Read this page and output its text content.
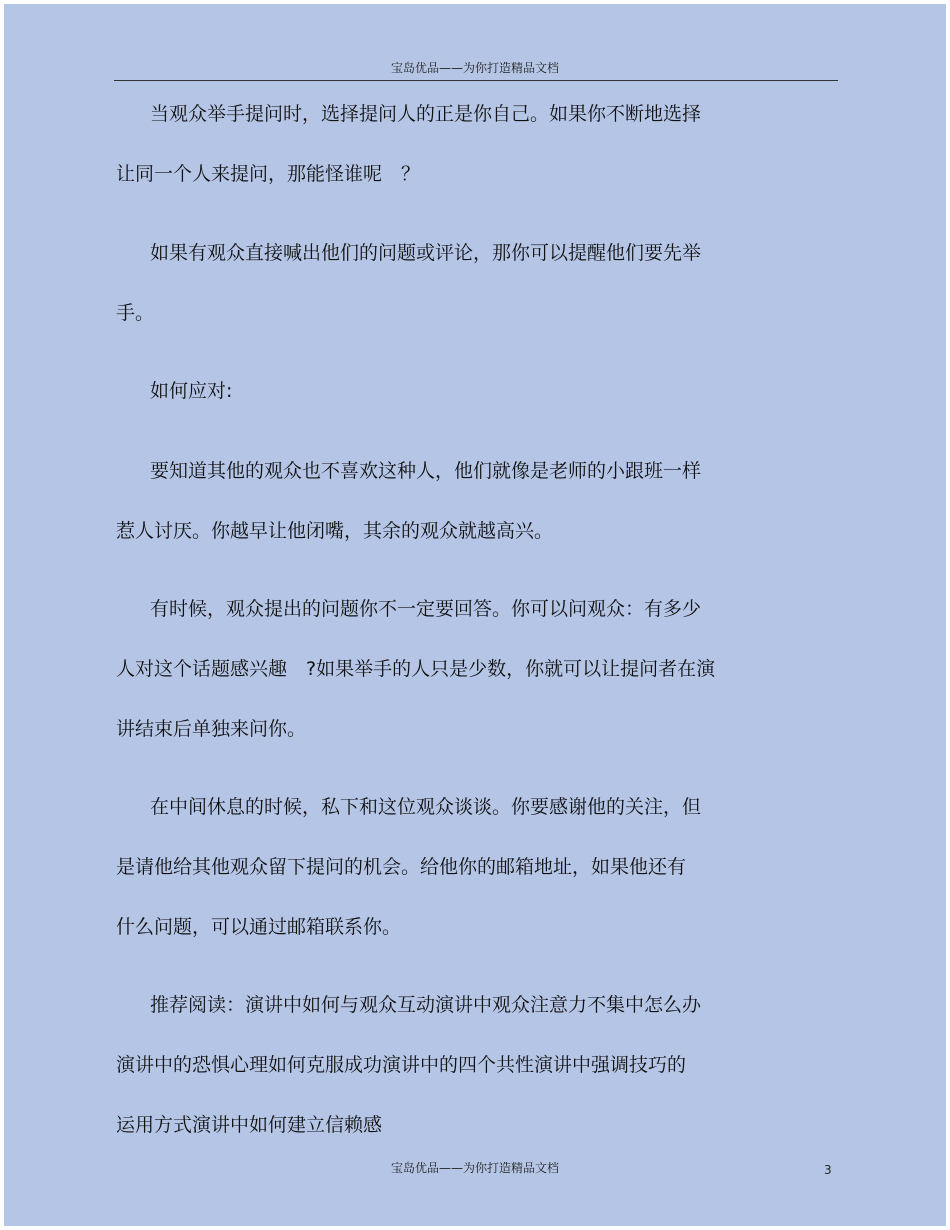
宝岛优品——为你打造精品文档
当观众举手提问时，选择提问人的正是你自己。如果你不断地选择
让同一个人来提问，那能怪谁呢　？
如果有观众直接喊出他们的问题或评论，那你可以提醒他们要先举
手。
如何应对:
要知道其他的观众也不喜欢这种人，他们就像是老师的小跟班一样
惹人讨厌。你越早让他闭嘴，其余的观众就越高兴。
有时候，观众提出的问题你不一定要回答。你可以问观众：有多少
人对这个话题感兴趣　?如果举手的人只是少数，你就可以让提问者在演
讲结束后单独来问你。
在中间休息的时候，私下和这位观众谈谈。你要感谢他的关注，但
是请他给其他观众留下提问的机会。给他你的邮箱地址，如果他还有
什么问题，可以通过邮箱联系你。
推荐阅读：演讲中如何与观众互动演讲中观众注意力不集中怎么办
演讲中的恐惧心理如何克服成功演讲中的四个共性演讲中强调技巧的
运用方式演讲中如何建立信赖感
宝岛优品——为你打造精品文档	3
